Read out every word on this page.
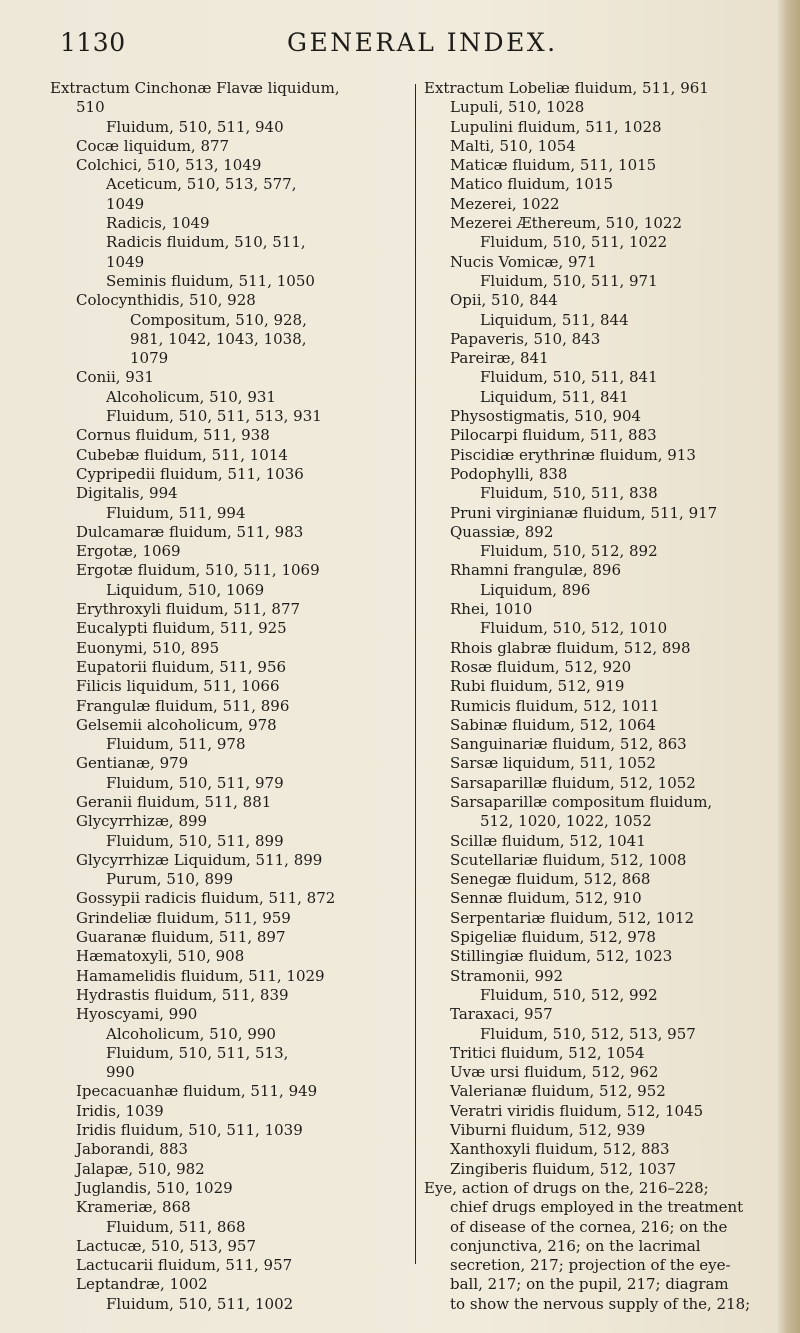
1130	GENERAL INDEX.
Extractum Cinchonæ Flavæ liquidum,
510
Fluidum, 510, 511, 940
Cocæ liquidum, 877
Colchici, 510, 513, 1049
Aceticum, 510, 513, 577,
1049
Radicis, 1049
Radicis fluidum, 510, 511,
1049
Seminis fluidum, 511, 1050
Colocynthidis, 510, 928
Compositum, 510, 928,
981, 1042, 1043, 1038,
1079
Conii, 931
Alcoholicum, 510, 931
Fluidum, 510, 511, 513, 931
Cornus fluidum, 511, 938
Cubebæ fluidum, 511, 1014
Cypripedii fluidum, 511, 1036
Digitalis, 994
Fluidum, 511, 994
Dulcamaræ fluidum, 511, 983
Ergotæ, 1069
Ergotæ fluidum, 510, 511, 1069
Liquidum, 510, 1069
Erythroxyli fluidum, 511, 877
Eucalypti fluidum, 511, 925
Euonymi, 510, 895
Eupatorii fluidum, 511, 956
Filicis liquidum, 511, 1066
Frangulæ fluidum, 511, 896
Gelsemii alcoholicum, 978
Fluidum, 511, 978
Gentianæ, 979
Fluidum, 510, 511, 979
Geranii fluidum, 511, 881
Glycyrrhizæ, 899
Fluidum, 510, 511, 899
Glycyrrhizæ Liquidum, 511, 899
Purum, 510, 899
Gossypii radicis fluidum, 511, 872
Grindeliæ fluidum, 511, 959
Guaranæ fluidum, 511, 897
Hæmatoxyli, 510, 908
Hamamelidis fluidum, 511, 1029
Hydrastis fluidum, 511, 839
Hyoscyami, 990
Alcoholicum, 510, 990
Fluidum, 510, 511, 513,
990
Ipecacuanhæ fluidum, 511, 949
Iridis, 1039
Iridis fluidum, 510, 511, 1039
Jaborandi, 883
Jalapæ, 510, 982
Juglandis, 510, 1029
Krameriæ, 868
Fluidum, 511, 868
Lactucæ, 510, 513, 957
Lactucarii fluidum, 511, 957
Leptandræ, 1002
Fluidum, 510, 511, 1002
Extractum Lobeliæ fluidum, 511, 961
Lupuli, 510, 1028
Lupulini fluidum, 511, 1028
Malti, 510, 1054
Maticæ fluidum, 511, 1015
Matico fluidum, 1015
Mezerei, 1022
Mezerei Æthereum, 510, 1022
Fluidum, 510, 511, 1022
Nucis Vomicæ, 971
Fluidum, 510, 511, 971
Opii, 510, 844
Liquidum, 511, 844
Papaveris, 510, 843
Pareiræ, 841
Fluidum, 510, 511, 841
Liquidum, 511, 841
Physostigmatis, 510, 904
Pilocarpi fluidum, 511, 883
Piscidiæ erythrinæ fluidum, 913
Podophylli, 838
Fluidum, 510, 511, 838
Pruni virginianæ fluidum, 511, 917
Quassiæ, 892
Fluidum, 510, 512, 892
Rhamni frangulæ, 896
Liquidum, 896
Rhei, 1010
Fluidum, 510, 512, 1010
Rhois glabræ fluidum, 512, 898
Rosæ fluidum, 512, 920
Rubi fluidum, 512, 919
Rumicis fluidum, 512, 1011
Sabinæ fluidum, 512, 1064
Sanguinariæ fluidum, 512, 863
Sarsæ liquidum, 511, 1052
Sarsaparillæ fluidum, 512, 1052
Sarsaparillæ compositum fluidum,
512, 1020, 1022, 1052
Scillæ fluidum, 512, 1041
Scutellariæ fluidum, 512, 1008
Senegæ fluidum, 512, 868
Sennæ fluidum, 512, 910
Serpentariæ fluidum, 512, 1012
Spigeliæ fluidum, 512, 978
Stillingiæ fluidum, 512, 1023
Stramonii, 992
Fluidum, 510, 512, 992
Taraxaci, 957
Fluidum, 510, 512, 513, 957
Tritici fluidum, 512, 1054
Uvæ ursi fluidum, 512, 962
Valerianæ fluidum, 512, 952
Veratri viridis fluidum, 512, 1045
Viburni fluidum, 512, 939
Xanthoxyli fluidum, 512, 883
Zingiberis fluidum, 512, 1037
Eye, action of drugs on the, 216–228;
chief drugs employed in the treatment
of disease of the cornea, 216; on the
conjunctiva, 216; on the lacrimal
secretion, 217; projection of the eye-
ball, 217; on the pupil, 217; diagram
to show the nervous supply of the, 218;
